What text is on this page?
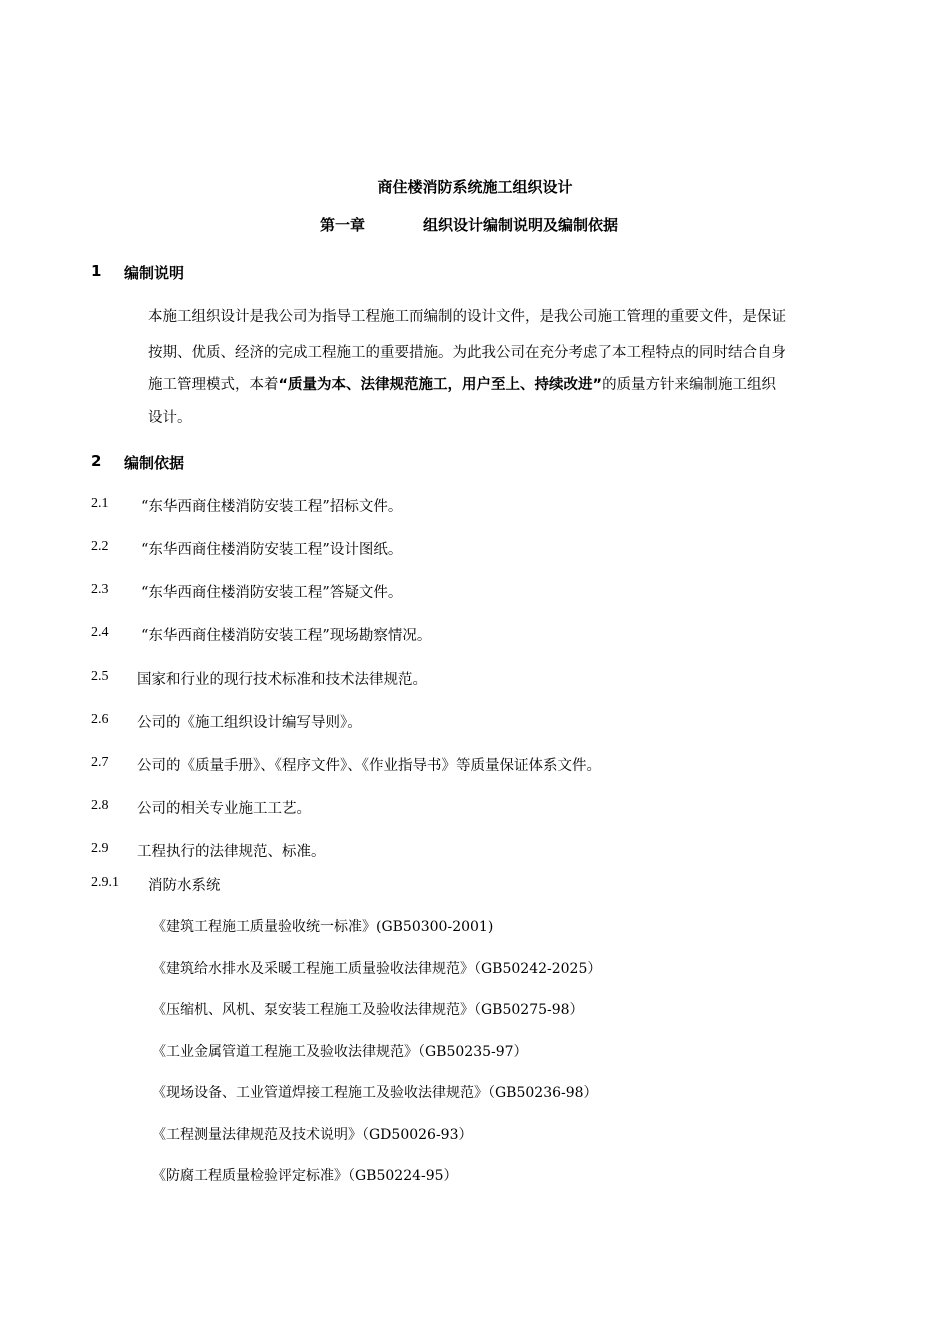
商住楼消防系统施工组织设计
第一章	组织设计编制说明及编制依据
1 编制说明
本施工组织设计是我公司为指导工程施工而编制的设计文件，是我公司施工管理的重要文件，是保证
按期、优质、经济的完成工程施工的重要措施。为此我公司在充分考虑了本工程特点的同时结合自身
施工管理模式，本着“质量为本、法律规范施工，用户至上、持续改进”的质量方针来编制施工组织
设计。
2 编制依据
2.1 “东华西商住楼消防安装工程”招标文件。
2.2 “东华西商住楼消防安装工程”设计图纸。
2.3 “东华西商住楼消防安装工程”答疑文件。
2.4 “东华西商住楼消防安装工程”现场勘察情况。
2.5 国家和行业的现行技术标准和技术法律规范。
2.6 公司的《施工组织设计编写导则》。
2.7 公司的《质量手册》、《程序文件》、《作业指导书》等质量保证体系文件。
2.8 公司的相关专业施工工艺。
2.9 工程执行的法律规范、标准。
2.9.1 消防水系统
《建筑工程施工质量验收统一标准》(GB50300-2001)
《建筑给水排水及采暖工程施工质量验收法律规范》（GB50242-2025）
《压缩机、风机、泵安装工程施工及验收法律规范》（GB50275-98）
《工业金属管道工程施工及验收法律规范》（GB50235-97）
《现场设备、工业管道焊接工程施工及验收法律规范》（GB50236-98）
《工程测量法律规范及技术说明》（GD50026-93）
《防腐工程质量检验评定标准》（GB50224-95）
